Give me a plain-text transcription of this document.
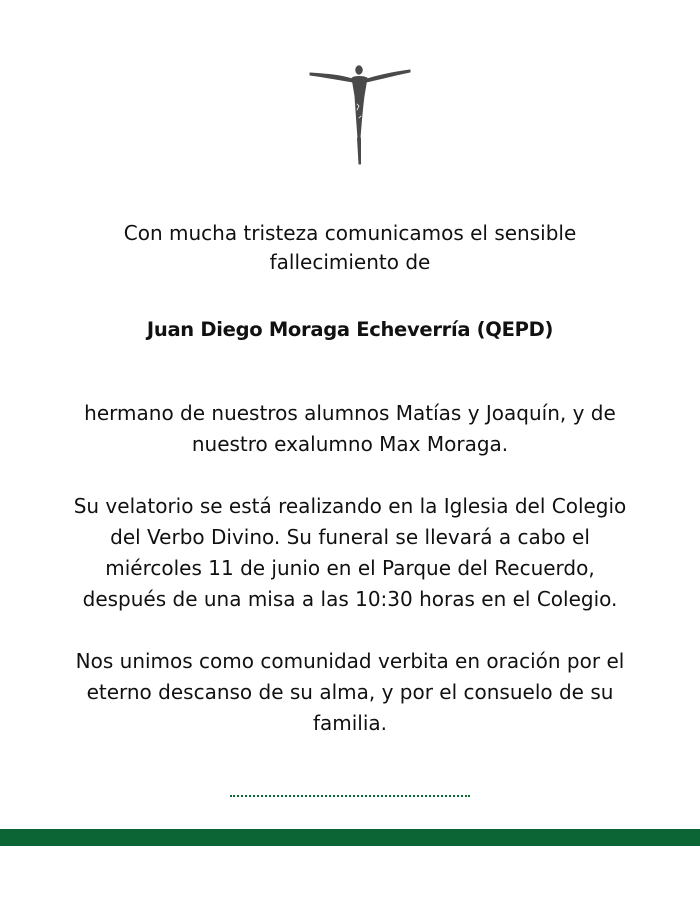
Con mucha tristeza comunicamos el sensible
fallecimiento de
Juan Diego Moraga Echeverría (QEPD)
hermano de nuestros alumnos Matías y Joaquín, y de
nuestro exalumno Max Moraga.
Su velatorio se está realizando en la Iglesia del Colegio
del Verbo Divino. Su funeral se llevará a cabo el
miércoles 11 de junio en el Parque del Recuerdo,
después de una misa a las 10:30 horas en el Colegio.
Nos unimos como comunidad verbita en oración por el
eterno descanso de su alma, y por el consuelo de su
familia.
